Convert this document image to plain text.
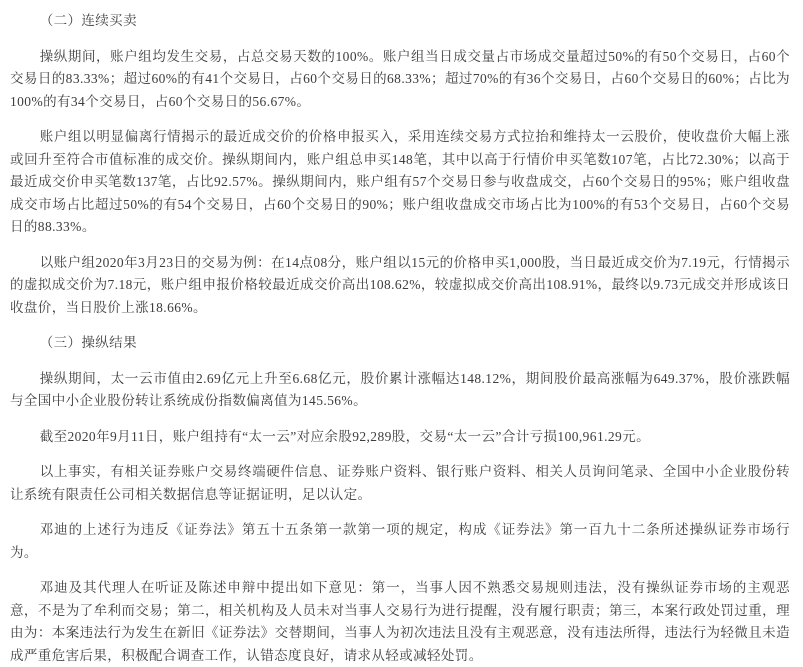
（二）连续买卖

操纵期间，账户组均发生交易，占总交易天数的100%。账户组当日成交量占市场成交量超过50%的有50个交易日，占60个交易日的83.33%；超过60%的有41个交易日，占60个交易日的68.33%；超过70%的有36个交易日，占60个交易日的60%；占比为100%的有34个交易日，占60个交易日的56.67%。

账户组以明显偏离行情揭示的最近成交价的价格申报买入，采用连续交易方式拉抬和维持太一云股价，使收盘价大幅上涨或回升至符合市值标准的成交价。操纵期间内，账户组总申买148笔，其中以高于行情价申买笔数107笔，占比72.30%；以高于最近成交价申买笔数137笔，占比92.57%。操纵期间内，账户组有57个交易日参与收盘成交，占60个交易日的95%；账户组收盘成交市场占比超过50%的有54个交易日，占60个交易日的90%；账户组收盘成交市场占比为100%的有53个交易日，占60个交易日的88.33%。

以账户组2020年3月23日的交易为例：在14点08分，账户组以15元的价格申买1,000股，当日最近成交价为7.19元，行情揭示的虚拟成交价为7.18元，账户组申报价格较最近成交价高出108.62%，较虚拟成交价高出108.91%，最终以9.73元成交并形成该日收盘价，当日股价上涨18.66%。

（三）操纵结果

操纵期间，太一云市值由2.69亿元上升至6.68亿元，股价累计涨幅达148.12%，期间股价最高涨幅为649.37%，股价涨跌幅与全国中小企业股份转让系统成份指数偏离值为145.56%。

截至2020年9月11日，账户组持有“太一云”对应余股92,289股，交易“太一云”合计亏损100,961.29元。

以上事实，有相关证券账户交易终端硬件信息、证券账户资料、银行账户资料、相关人员询问笔录、全国中小企业股份转让系统有限责任公司相关数据信息等证据证明，足以认定。

邓迪的上述行为违反《证券法》第五十五条第一款第一项的规定，构成《证券法》第一百九十二条所述操纵证券市场行为。

邓迪及其代理人在听证及陈述申辩中提出如下意见：第一，当事人因不熟悉交易规则违法，没有操纵证券市场的主观恶意，不是为了牟利而交易；第二，相关机构及人员未对当事人交易行为进行提醒，没有履行职责；第三，本案行政处罚过重，理由为：本案违法行为发生在新旧《证券法》交替期间，当事人为初次违法且没有主观恶意，没有违法所得，违法行为轻微且未造成严重危害后果，积极配合调查工作，认错态度良好，请求从轻或减轻处罚。
